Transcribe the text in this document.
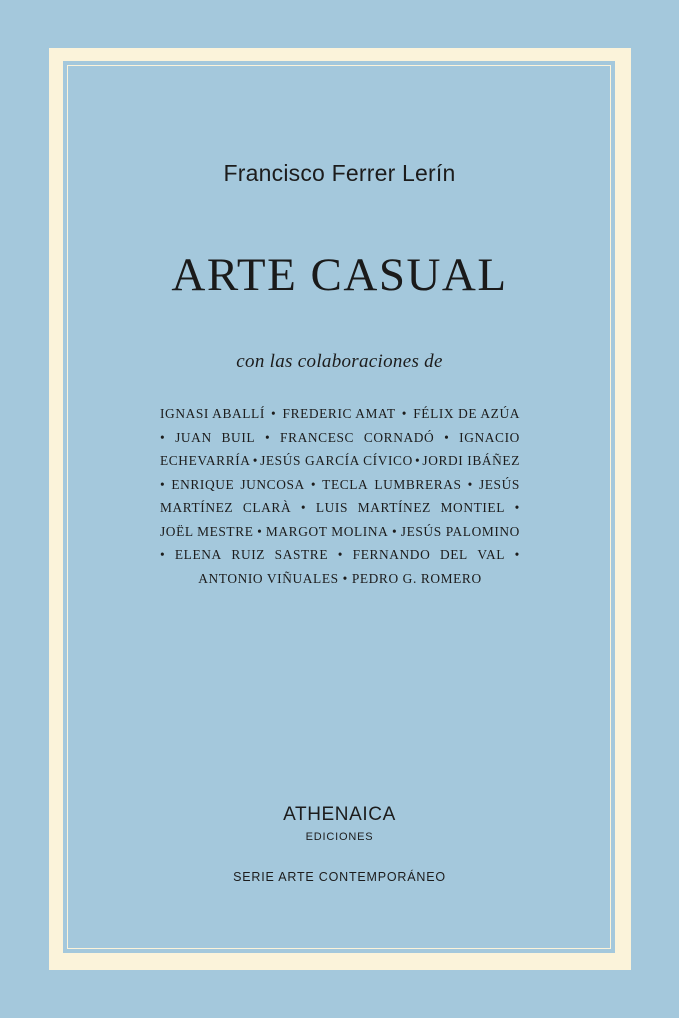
Francisco Ferrer Lerín
ARTE CASUAL
con las colaboraciones de
IGNASI ABALLÍ • FREDERIC AMAT • FÉLIX DE AZÚA
• JUAN BUIL • FRANCESC CORNADÓ • IGNACIO
ECHEVARRÍA • JESÚS GARCÍA CÍVICO • JORDI IBÁÑEZ
• ENRIQUE JUNCOSA • TECLA LUMBRERAS • JESÚS
MARTÍNEZ CLARÀ • LUIS MARTÍNEZ MONTIEL •
JOËL MESTRE • MARGOT MOLINA • JESÚS PALOMINO
• ELENA RUIZ SASTRE • FERNANDO DEL VAL •
ANTONIO VIÑUALES • PEDRO G. ROMERO
ATHENAICA
EDICIONES
SERIE ARTE CONTEMPORÁNEO
